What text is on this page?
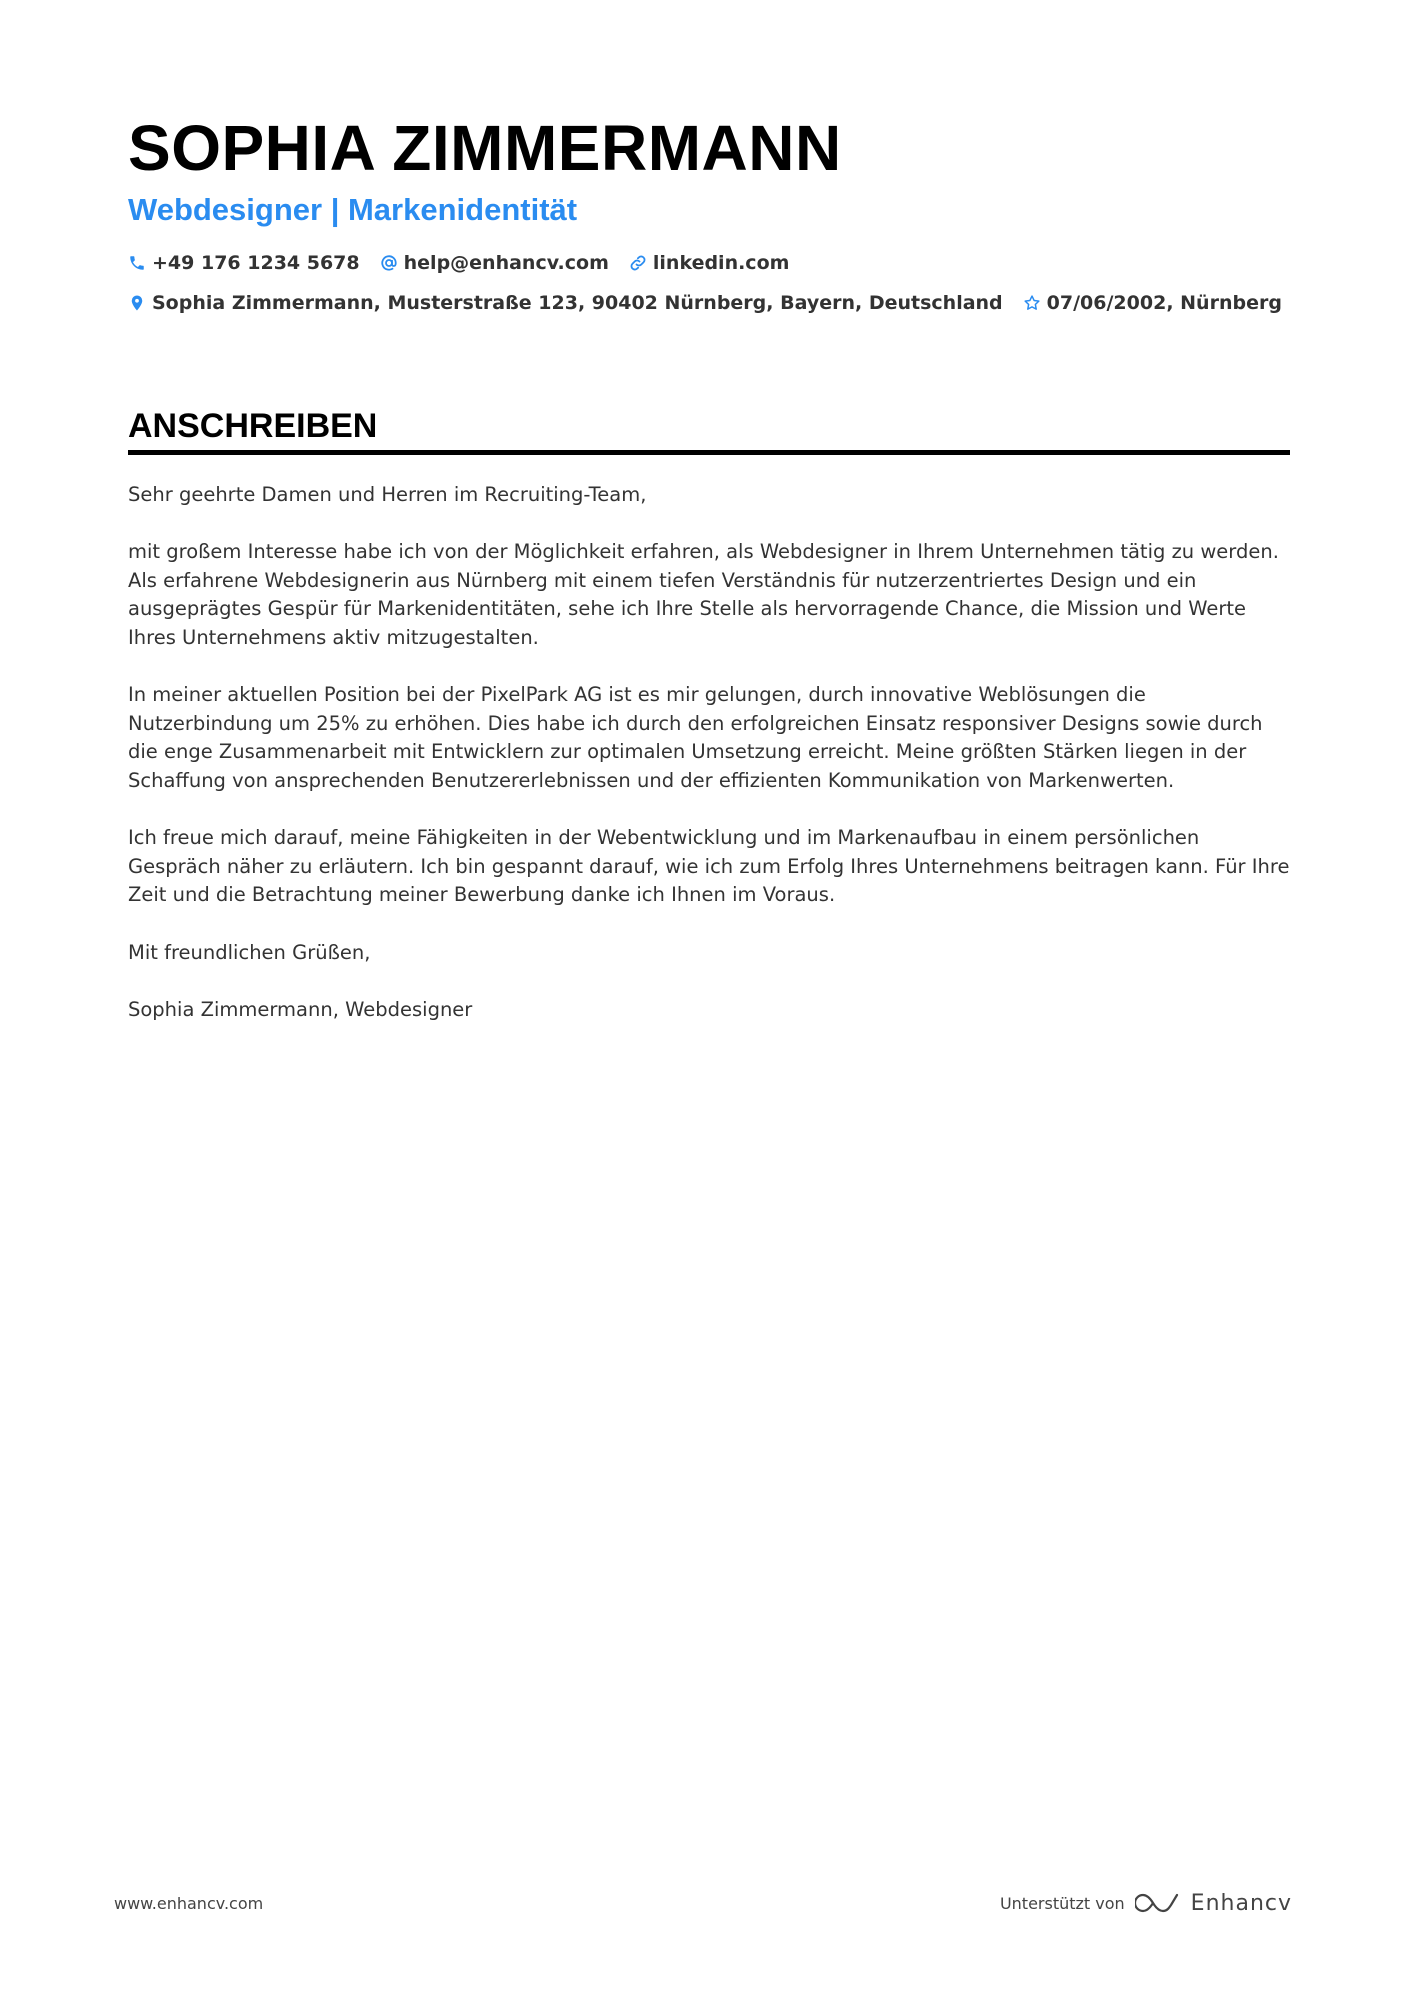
SOPHIA ZIMMERMANN
Webdesigner | Markenidentität
+49 176 1234 5678 help@enhancv.com linkedin.com
Sophia Zimmermann, Musterstraße 123, 90402 Nürnberg, Bayern, Deutschland 07/06/2002, Nürnberg
ANSCHREIBEN

Sehr geehrte Damen und Herren im Recruiting-Team,

mit großem Interesse habe ich von der Möglichkeit erfahren, als Webdesigner in Ihrem Unternehmen tätig zu werden. Als erfahrene Webdesignerin aus Nürnberg mit einem tiefen Verständnis für nutzerzentriertes Design und ein ausgeprägtes Gespür für Markenidentitäten, sehe ich Ihre Stelle als hervorragende Chance, die Mission und Werte Ihres Unternehmens aktiv mitzugestalten.

In meiner aktuellen Position bei der PixelPark AG ist es mir gelungen, durch innovative Weblösungen die Nutzerbindung um 25% zu erhöhen. Dies habe ich durch den erfolgreichen Einsatz responsiver Designs sowie durch die enge Zusammenarbeit mit Entwicklern zur optimalen Umsetzung erreicht. Meine größten Stärken liegen in der Schaffung von ansprechenden Benutzererlebnissen und der effizienten Kommunikation von Markenwerten.

Ich freue mich darauf, meine Fähigkeiten in der Webentwicklung und im Markenaufbau in einem persönlichen Gespräch näher zu erläutern. Ich bin gespannt darauf, wie ich zum Erfolg Ihres Unternehmens beitragen kann. Für Ihre Zeit und die Betrachtung meiner Bewerbung danke ich Ihnen im Voraus.

Mit freundlichen Grüßen,

Sophia Zimmermann, Webdesigner

www.enhancv.com	Unterstützt von	Enhancv
